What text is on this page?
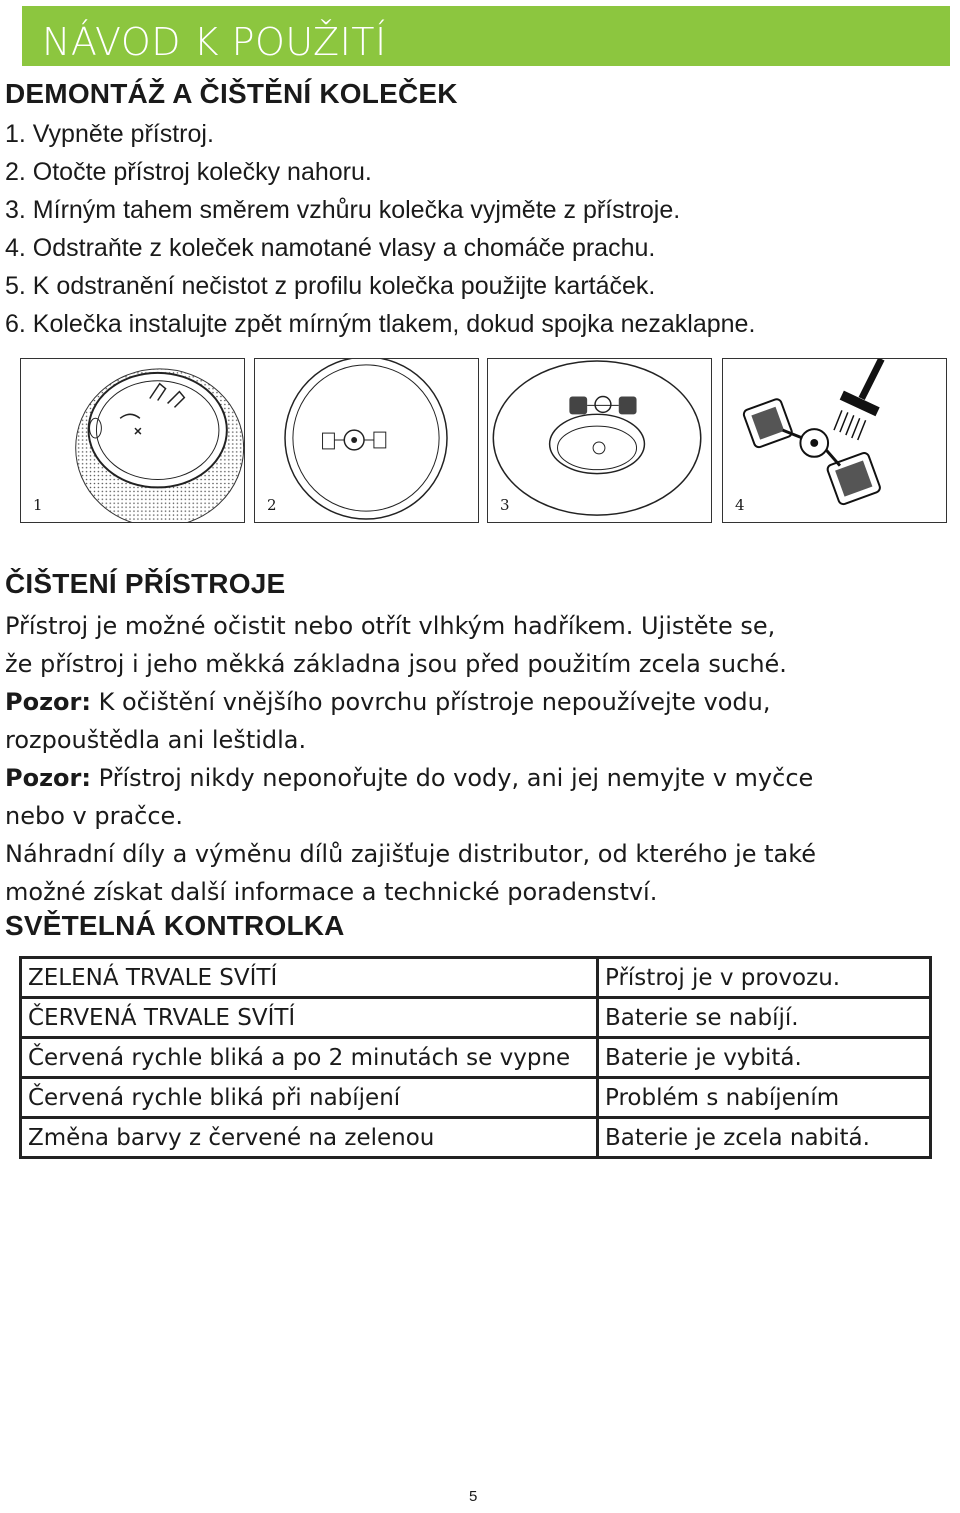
NÁVOD K POUŽITÍ
DEMONTÁŽ A ČIŠTĚNÍ KOLEČEK
1. Vypněte přístroj.
2. Otočte přístroj kolečky nahoru.
3. Mírným tahem směrem vzhůru kolečka vyjměte z přístroje.
4. Odstraňte z koleček namotané vlasy a chomáče prachu.
5. K odstranění nečistot z profilu kolečka použijte kartáček.
6. Kolečka instalujte zpět mírným tlakem, dokud spojka nezaklapne.
1	2	3	4
ČIŠTENÍ PŘÍSTROJE
Přístroj je možné očistit nebo otřít vlhkým hadříkem. Ujistěte se,
že přístroj i jeho měkká základna jsou před použitím zcela suché.
Pozor: K očištění vnějšího povrchu přístroje nepoužívejte vodu,
rozpouštědla ani leštidla.
Pozor: Přístroj nikdy neponořujte do vody, ani jej nemyjte v myčce
nebo v pračce.
Náhradní díly a výměnu dílů zajišťuje distributor, od kterého je také
možné získat další informace a technické poradenství.
SVĚTELNÁ KONTROLKA
ZELENÁ TRVALE SVÍTÍ	Přístroj je v provozu.
ČERVENÁ TRVALE SVÍTÍ	Baterie se nabíjí.
Červená rychle bliká a po 2 minutách se vypne	Baterie je vybitá.
Červená rychle bliká při nabíjení	Problém s nabíjením
Změna barvy z červené na zelenou	Baterie je zcela nabitá.
5
